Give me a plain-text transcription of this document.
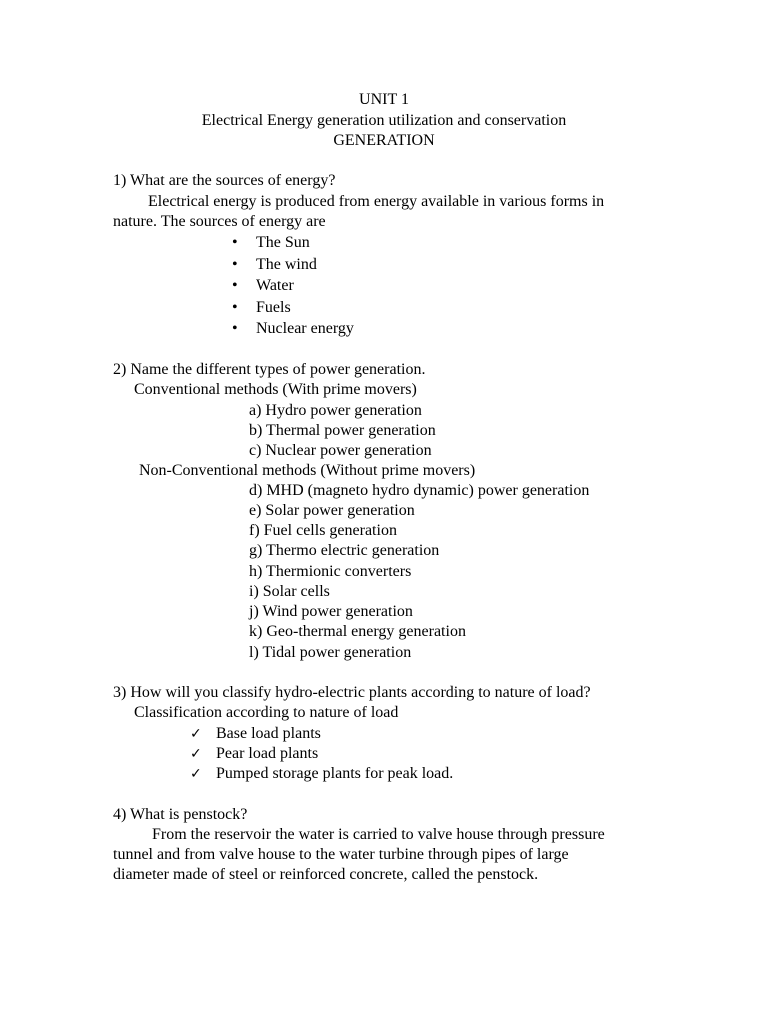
UNIT 1
Electrical Energy generation utilization and conservation
GENERATION
1) What are the sources of energy?
Electrical energy is produced from energy available in various forms in
nature. The sources of energy are
• The Sun
• The wind
• Water
• Fuels
• Nuclear energy
2) Name the different types of power generation.
Conventional methods (With prime movers)
a) Hydro power generation
b) Thermal power generation
c) Nuclear power generation
Non-Conventional methods (Without prime movers)
d) MHD (magneto hydro dynamic) power generation
e) Solar power generation
f) Fuel cells generation
g) Thermo electric generation
h) Thermionic converters
i) Solar cells
j) Wind power generation
k) Geo-thermal energy generation
l) Tidal power generation
3) How will you classify hydro-electric plants according to nature of load?
Classification according to nature of load
✓ Base load plants
✓ Pear load plants
✓ Pumped storage plants for peak load.
4) What is penstock?
From the reservoir the water is carried to valve house through pressure
tunnel and from valve house to the water turbine through pipes of large
diameter made of steel or reinforced concrete, called the penstock.
